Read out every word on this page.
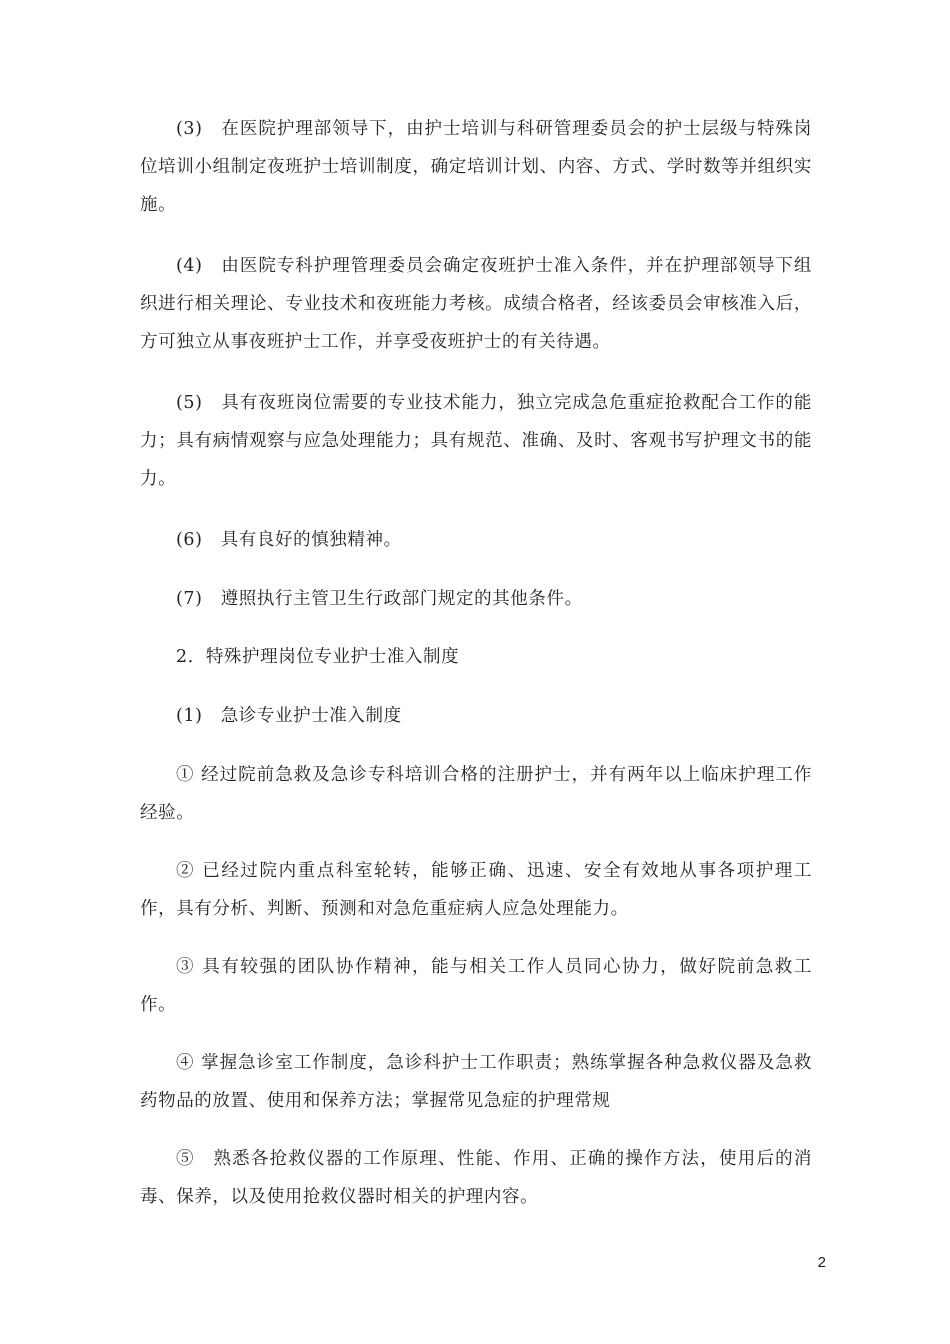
(3)　在医院护理部领导下，由护士培训与科研管理委员会的护士层级与特殊岗位培训小组制定夜班护士培训制度，确定培训计划、内容、方式、学时数等并组织实施。

(4)　由医院专科护理管理委员会确定夜班护士准入条件，并在护理部领导下组织进行相关理论、专业技术和夜班能力考核。成绩合格者，经该委员会审核准入后，方可独立从事夜班护士工作，并享受夜班护士的有关待遇。

(5)　具有夜班岗位需要的专业技术能力，独立完成急危重症抢救配合工作的能力；具有病情观察与应急处理能力；具有规范、准确、及时、客观书写护理文书的能力。

(6)　具有良好的慎独精神。

(7)　遵照执行主管卫生行政部门规定的其他条件。

2．特殊护理岗位专业护士准入制度

(1)　急诊专业护士准入制度

① 经过院前急救及急诊专科培训合格的注册护士，并有两年以上临床护理工作经验。

② 已经过院内重点科室轮转，能够正确、迅速、安全有效地从事各项护理工作，具有分析、判断、预测和对急危重症病人应急处理能力。

③ 具有较强的团队协作精神，能与相关工作人员同心协力，做好院前急救工作。

④ 掌握急诊室工作制度，急诊科护士工作职责；熟练掌握各种急救仪器及急救药物品的放置、使用和保养方法；掌握常见急症的护理常规

⑤　熟悉各抢救仪器的工作原理、性能、作用、正确的操作方法，使用后的消毒、保养，以及使用抢救仪器时相关的护理内容。

2
